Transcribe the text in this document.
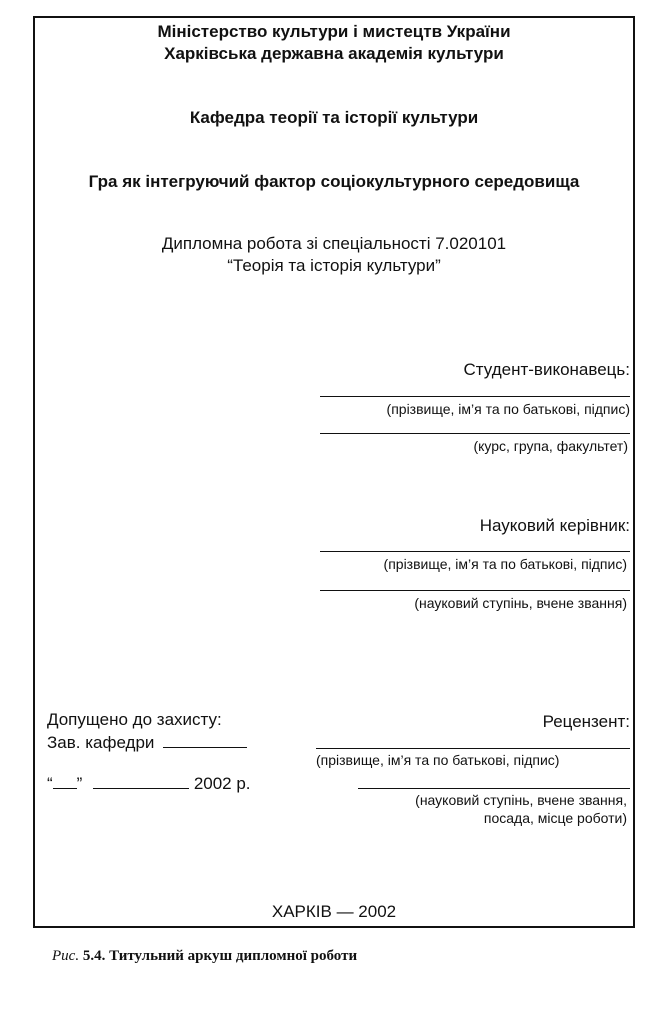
Міністерство культури і мистецтв України
Харківська державна академія культури
Кафедра теорії та історії культури
Гра як інтегруючий фактор соціокультурного середовища
Дипломна робота зі спеціальності 7.020101
“Теорія та історія культури”
Студент-виконавець:
(прізвище, ім’я та по батькові, підпис)
(курс, група, факультет)
Науковий керівник:
(прізвище, ім’я та по батькові, підпис)
(науковий ступінь, вчене звання)
Допущено до захисту:
Зав. кафедри
“ ”	2002 р.
Рецензент:
(прізвище, ім’я та по батькові, підпис)
(науковий ступінь, вчене звання,
посада, місце роботи)
ХАРКІВ — 2002
Рис. 5.4. Титульний аркуш дипломної роботи
